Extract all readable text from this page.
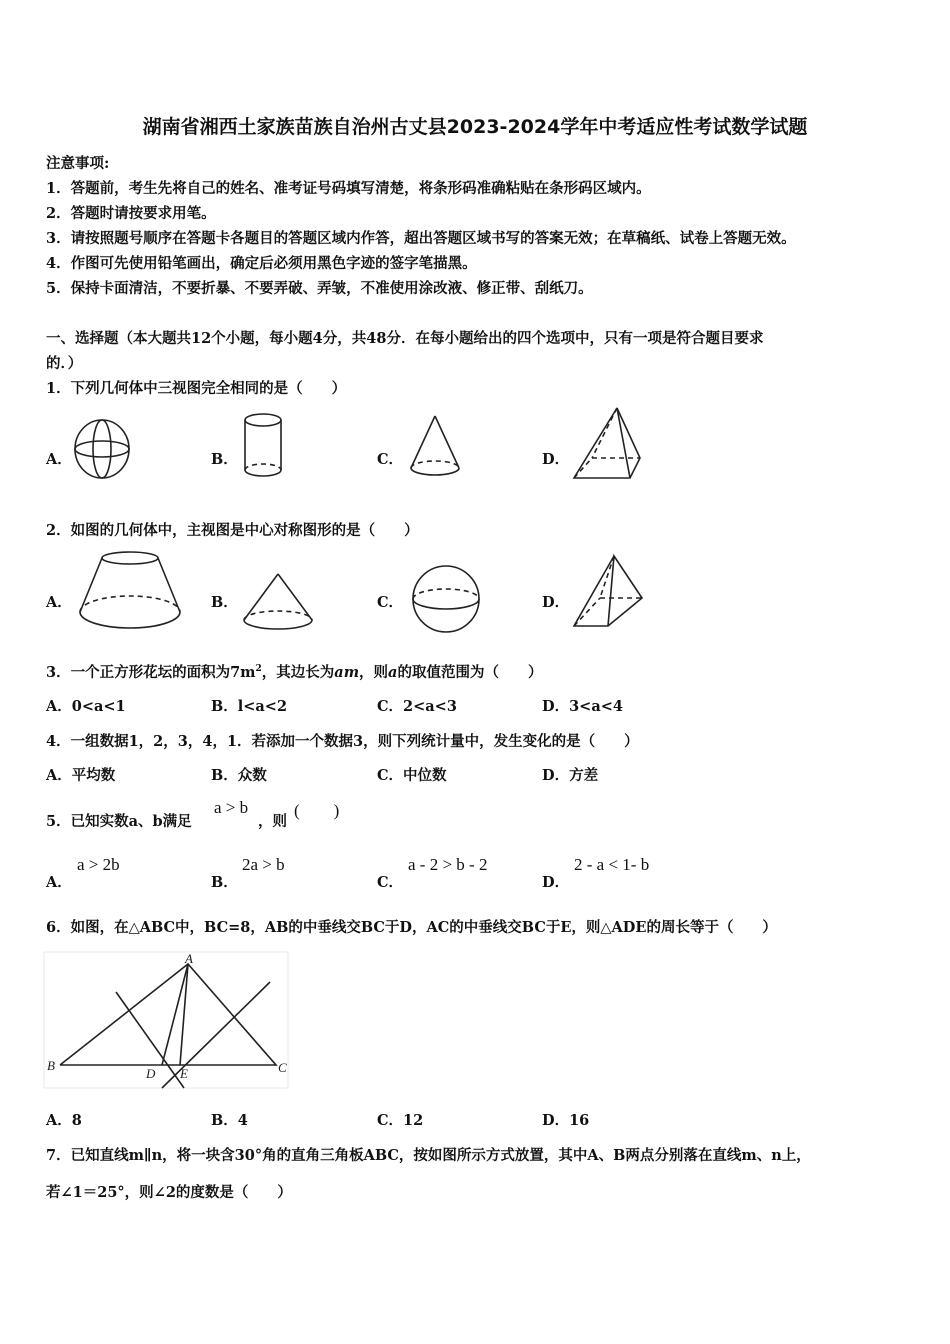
湖南省湘西土家族苗族自治州古丈县2023-2024学年中考适应性考试数学试题
注意事项:
1．答题前，考生先将自己的姓名、准考证号码填写清楚，将条形码准确粘贴在条形码区域内。
2．答题时请按要求用笔。
3．请按照题号顺序在答题卡各题目的答题区域内作答，超出答题区域书写的答案无效；在草稿纸、试卷上答题无效。
4．作图可先使用铅笔画出，确定后必须用黑色字迹的签字笔描黑。
5．保持卡面清洁，不要折暴、不要弄破、弄皱，不准使用涂改液、修正带、刮纸刀。
一、选择题（本大题共12个小题，每小题4分，共48分．在每小题给出的四个选项中，只有一项是符合题目要求
的．）
1．下列几何体中三视图完全相同的是（　　）
A．	B．	C．	D．
2．如图的几何体中，主视图是中心对称图形的是（　　）
A．	B．	C．	D．
3．一个正方形花坛的面积为$7m^2$，其边长为am，则a的取值范围为（　　）
A．0<a<1	B．l<a<2	C．2<a<3	D．3<a<4
4．一组数据1，2，3，4，1．若添加一个数据3，则下列统计量中，发生变化的是（　　）
A．平均数	B．众数	C．中位数	D．方差
5．已知实数a、b满足
a > b
，则
(　　)
A．
a > 2b
B．
2a > b
C．
a - 2 > b - 2
D．
2 - a < 1- b
6．如图，在△ABC中，BC=8，AB的中垂线交BC于D，AC的中垂线交BC于E，则△ADE的周长等于（　　）
A
B	C
D E
A．8	B．4	C．12	D．16
7．已知直线m∥n，将一块含30°角的直角三角板ABC，按如图所示方式放置，其中A、B两点分别落在直线m、n上，
若∠1＝25°，则∠2的度数是（　　）
